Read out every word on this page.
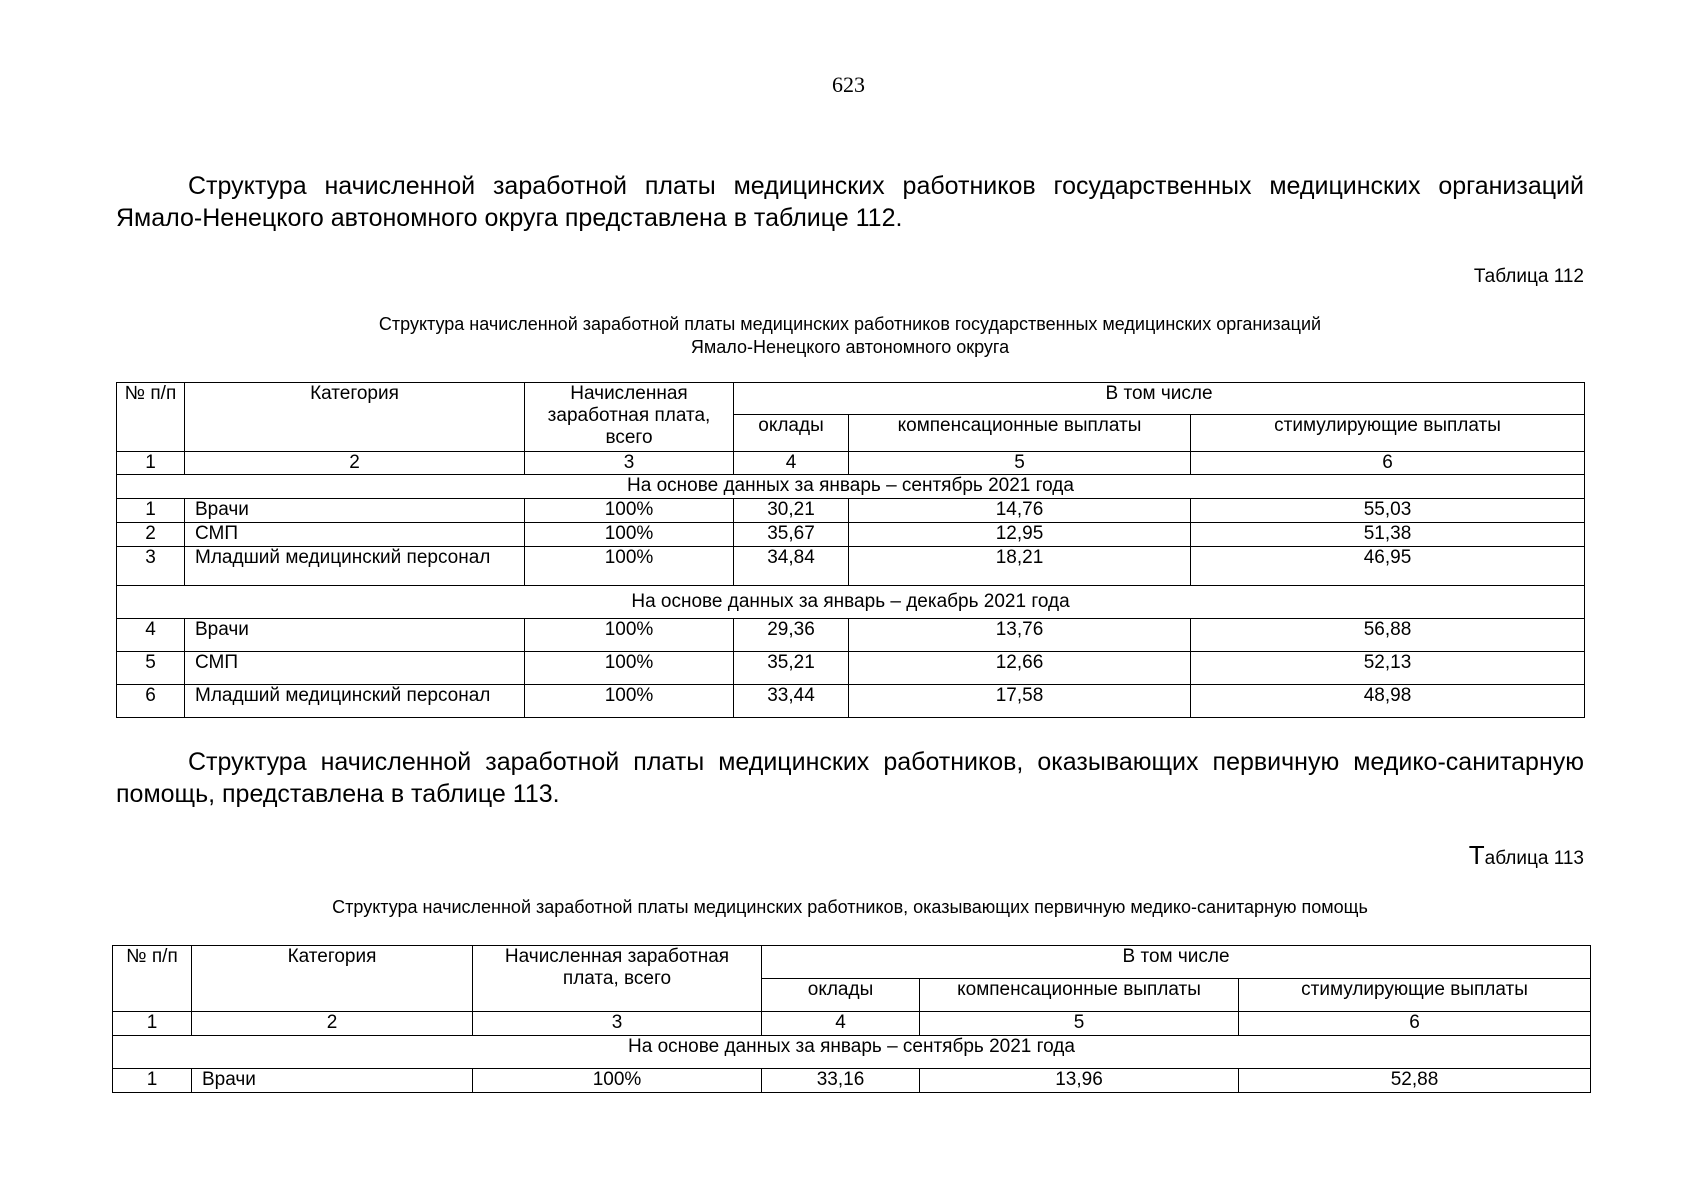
623

Структура начисленной заработной платы медицинских работников государственных медицинских организаций Ямало-Ненецкого автономного округа представлена в таблице 112.

Таблица 112
Структура начисленной заработной платы медицинских работников государственных медицинских организаций
Ямало-Ненецкого автономного округа
№ п/п	Категория	Начисленная заработная плата, всего	В том числе		
			оклады	компенсационные выплаты	стимулирующие выплаты
1	2	3	4	5	6
На основе данных за январь – сентябрь 2021 года					
1	Врачи	100%	30,21	14,76	55,03
2	СМП	100%	35,67	12,95	51,38
3	Младший медицинский персонал	100%	34,84	18,21	46,95
На основе данных за январь – декабрь 2021 года					
4	Врачи	100%	29,36	13,76	56,88
5	СМП	100%	35,21	12,66	52,13
6	Младший медицинский персонал	100%	33,44	17,58	48,98

Структура начисленной заработной платы медицинских работников, оказывающих первичную медико-санитарную помощь, представлена в таблице 113.

Таблица 113
Структура начисленной заработной платы медицинских работников, оказывающих первичную медико-санитарную помощь
№ п/п	Категория	Начисленная заработная плата, всего	В том числе		
			оклады	компенсационные выплаты	стимулирующие выплаты
1	2	3	4	5	6
На основе данных за январь – сентябрь 2021 года					
1	Врачи	100%	33,16	13,96	52,88
